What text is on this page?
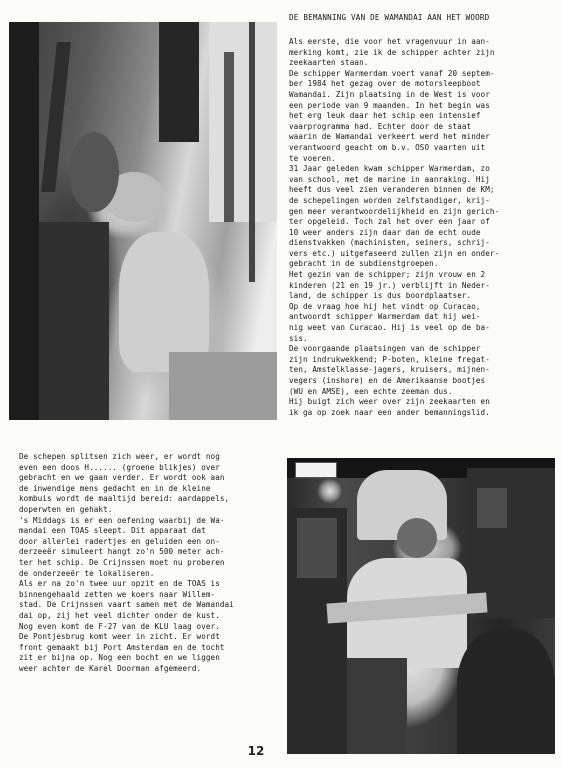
DE BEMANNING VAN DE WAMANDAI AAN HET WOORD

Als eerste, die voor het vragenvuur in aan-
merking komt, zie ik de schipper achter zijn
zeekaarten staan.

De schipper Warmerdam voert vanaf 20 septem-
ber 1984 het gezag over de motorsleepboot
Wamandai. Zijn plaatsing in de West is voor
een periode van 9 maanden. In het begin was
het erg leuk daar het schip een intensief
vaarprogramma had. Echter door de staat
waarin de Wamandai verkeert werd het minder
verantwoord geacht om b.v. OSO vaarten uit
te voeren.

31 Jaar geleden kwam schipper Warmerdam, zo
van school, met de marine in aanraking. Hij
heeft dus veel zien veranderen binnen de KM;
de schepelingen worden zelfstandiger, krij-
gen meer verantwoordelijkheid en zijn gerich-
ter opgeleid. Toch zal het over een jaar of
10 weer anders zijn daar dan de echt oude
dienstvakken (machinisten, seiners, schrij-
vers etc.) uitgefaseerd zullen zijn en onder-
gebracht in de subdienstgroepen.

Het gezin van de schipper; zijn vrouw en 2
kinderen (21 en 19 jr.) verblijft in Neder-
land, de schipper is dus boordplaatser.

Op de vraag hoe hij het vindt op Curacao,
antwoordt schipper Warmerdam dat hij wei-
nig weet van Curacao. Hij is veel op de ba-
sis.

De voorgaande plaatsingen van de schipper
zijn indrukwekkend; P-boten, kleine fregat-
ten, Amstelklasse-jagers, kruisers, mijnen-
vegers (inshore) en de Amerikaanse bootjes
(WU en AMSE), een echte zeeman dus.

Hij buigt zich weer over zijn zeekaarten en
ik ga op zoek naar een ander bemanningslid.

De schepen splitsen zich weer, er wordt nog
even een doos H...... (groene blikjes) over
gebracht en we gaan verder. Er wordt ook aan
de inwendige mens gedacht en in de kleine
kombuis wordt de maaltijd bereid: aardappels,
doperwten en gehakt.

's Middags is er een oefening waarbij de Wa-
mandai een TOAS sleept. Dit apparaat dat
door allerlei radertjes en geluiden een on-
derzeeër simuleert hangt zo'n 500 meter ach-
ter het schip. De Crijnssen moet nu proberen
de onderzeeër te lokaliseren.

Als er na zo'n twee uur opzit en de TOAS is
binnengehaald zetten we koers naar Willem-
stad. De Crijnssen vaart samen met de Wamandai
dai op, zij het veel dichter onder de kust.
Nog even komt de F-27 van de KLU laag over.
De Pontjesbrug komt weer in zicht. Er wordt
front gemaakt bij Port Amsterdam en de tocht
zit er bijna op. Nog een bocht en we liggen
weer achter de Karel Doorman afgemeerd.

12
